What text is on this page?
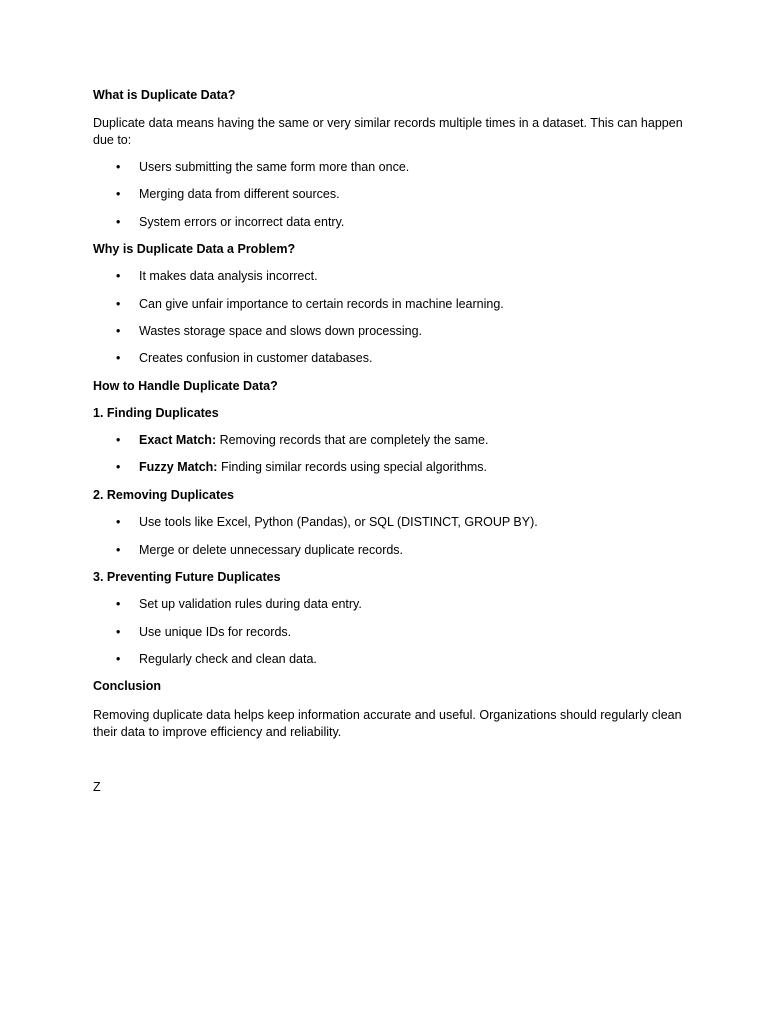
What is Duplicate Data?
Duplicate data means having the same or very similar records multiple times in a dataset. This can happen due to:
• Users submitting the same form more than once.
• Merging data from different sources.
• System errors or incorrect data entry.
Why is Duplicate Data a Problem?
• It makes data analysis incorrect.
• Can give unfair importance to certain records in machine learning.
• Wastes storage space and slows down processing.
• Creates confusion in customer databases.
How to Handle Duplicate Data?
1. Finding Duplicates
• Exact Match: Removing records that are completely the same.
• Fuzzy Match: Finding similar records using special algorithms.
2. Removing Duplicates
• Use tools like Excel, Python (Pandas), or SQL (DISTINCT, GROUP BY).
• Merge or delete unnecessary duplicate records.
3. Preventing Future Duplicates
• Set up validation rules during data entry.
• Use unique IDs for records.
• Regularly check and clean data.
Conclusion
Removing duplicate data helps keep information accurate and useful. Organizations should regularly clean their data to improve efficiency and reliability.
Z
